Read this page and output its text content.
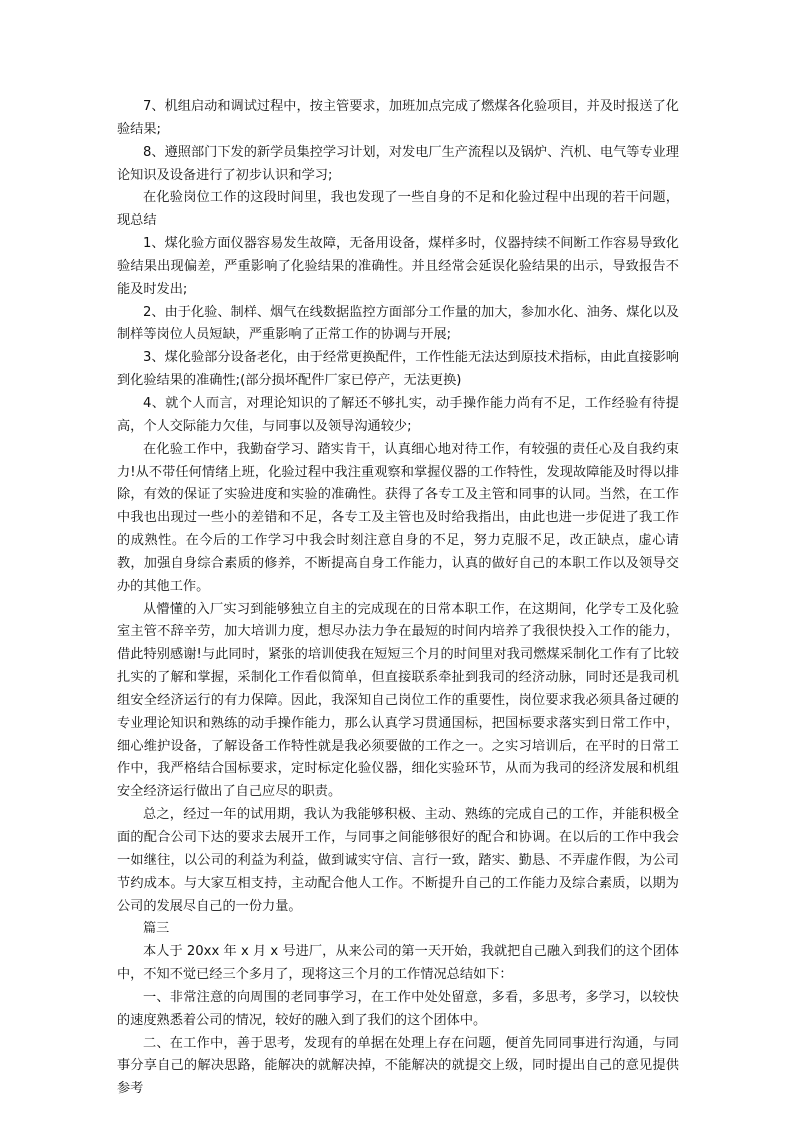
7、机组启动和调试过程中，按主管要求，加班加点完成了燃煤各化验项目，并及时报送了化验结果;

8、遵照部门下发的新学员集控学习计划，对发电厂生产流程以及锅炉、汽机、电气等专业理论知识及设备进行了初步认识和学习;

在化验岗位工作的这段时间里，我也发现了一些自身的不足和化验过程中出现的若干问题，现总结

1、煤化验方面仪器容易发生故障，无备用设备，煤样多时，仪器持续不间断工作容易导致化验结果出现偏差，严重影响了化验结果的准确性。并且经常会延误化验结果的出示，导致报告不能及时发出;

2、由于化验、制样、烟气在线数据监控方面部分工作量的加大，参加水化、油务、煤化以及制样等岗位人员短缺，严重影响了正常工作的协调与开展;

3、煤化验部分设备老化，由于经常更换配件，工作性能无法达到原技术指标，由此直接影响到化验结果的准确性;(部分损坏配件厂家已停产，无法更换)

4、就个人而言，对理论知识的了解还不够扎实，动手操作能力尚有不足，工作经验有待提高，个人交际能力欠佳，与同事以及领导沟通较少;

在化验工作中，我勤奋学习、踏实肯干，认真细心地对待工作，有较强的责任心及自我约束力!从不带任何情绪上班，化验过程中我注重观察和掌握仪器的工作特性，发现故障能及时得以排除，有效的保证了实验进度和实验的准确性。获得了各专工及主管和同事的认同。当然，在工作中我也出现过一些小的差错和不足，各专工及主管也及时给我指出，由此也进一步促进了我工作的成熟性。在今后的工作学习中我会时刻注意自身的不足，努力克服不足，改正缺点，虚心请教，加强自身综合素质的修养，不断提高自身工作能力，认真的做好自己的本职工作以及领导交办的其他工作。

从懵懂的入厂实习到能够独立自主的完成现在的日常本职工作，在这期间，化学专工及化验室主管不辞辛劳，加大培训力度，想尽办法力争在最短的时间内培养了我很快投入工作的能力，借此特别感谢!与此同时，紧张的培训使我在短短三个月的时间里对我司燃煤采制化工作有了比较扎实的了解和掌握，采制化工作看似简单，但直接联系牵扯到我司的经济动脉，同时还是我司机组安全经济运行的有力保障。因此，我深知自己岗位工作的重要性，岗位要求我必须具备过硬的专业理论知识和熟练的动手操作能力，那么认真学习贯通国标，把国标要求落实到日常工作中，细心维护设备，了解设备工作特性就是我必须要做的工作之一。之实习培训后，在平时的日常工作中，我严格结合国标要求，定时标定化验仪器，细化实验环节，从而为我司的经济发展和机组安全经济运行做出了自己应尽的职责。

总之，经过一年的试用期，我认为我能够积极、主动、熟练的完成自己的工作，并能积极全面的配合公司下达的要求去展开工作，与同事之间能够很好的配合和协调。在以后的工作中我会一如继往，以公司的利益为利益，做到诚实守信、言行一致，踏实、勤恳、不弄虚作假，为公司节约成本。与大家互相支持，主动配合他人工作。不断提升自己的工作能力及综合素质，以期为公司的发展尽自己的一份力量。

篇三

本人于 20xx 年 x 月 x 号进厂，从来公司的第一天开始，我就把自己融入到我们的这个团体中，不知不觉已经三个多月了，现将这三个月的工作情况总结如下：

一、非常注意的向周围的老同事学习，在工作中处处留意，多看，多思考，多学习，以较快的速度熟悉着公司的情况，较好的融入到了我们的这个团体中。

二、在工作中，善于思考，发现有的单据在处理上存在问题，便首先同同事进行沟通，与同事分享自己的解决思路，能解决的就解决掉，不能解决的就提交上级，同时提出自己的意见提供参考
